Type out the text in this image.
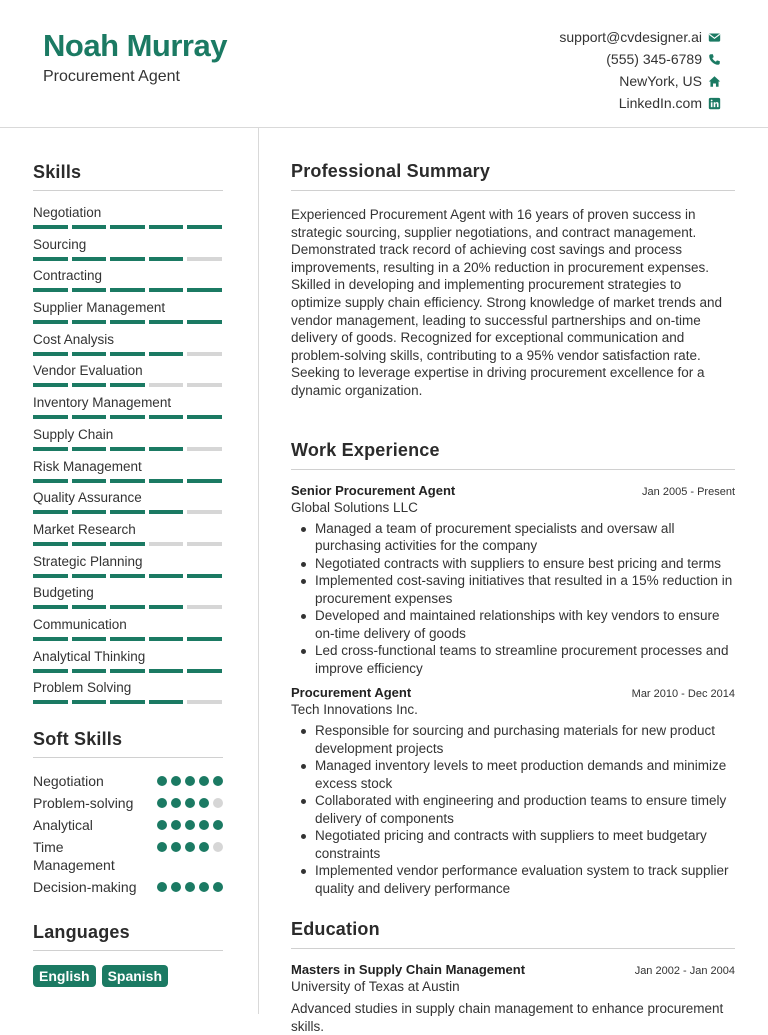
Noah Murray
Procurement Agent
support@cvdesigner.ai
(555) 345-6789
NewYork, US
LinkedIn.com
Skills
Negotiation
Sourcing
Contracting
Supplier Management
Cost Analysis
Vendor Evaluation
Inventory Management
Supply Chain
Risk Management
Quality Assurance
Market Research
Strategic Planning
Budgeting
Communication
Analytical Thinking
Problem Solving
Soft Skills
Negotiation
Problem-solving
Analytical
Time Management
Decision-making
Languages
English	Spanish
Professional Summary
Experienced Procurement Agent with 16 years of proven success in strategic sourcing, supplier negotiations, and contract management. Demonstrated track record of achieving cost savings and process improvements, resulting in a 20% reduction in procurement expenses. Skilled in developing and implementing procurement strategies to optimize supply chain efficiency. Strong knowledge of market trends and vendor management, leading to successful partnerships and on-time delivery of goods. Recognized for exceptional communication and problem-solving skills, contributing to a 95% vendor satisfaction rate. Seeking to leverage expertise in driving procurement excellence for a dynamic organization.
Work Experience
Senior Procurement Agent	Jan 2005 - Present
Global Solutions LLC
Managed a team of procurement specialists and oversaw all purchasing activities for the company
Negotiated contracts with suppliers to ensure best pricing and terms
Implemented cost-saving initiatives that resulted in a 15% reduction in procurement expenses
Developed and maintained relationships with key vendors to ensure on-time delivery of goods
Led cross-functional teams to streamline procurement processes and improve efficiency
Procurement Agent	Mar 2010 - Dec 2014
Tech Innovations Inc.
Responsible for sourcing and purchasing materials for new product development projects
Managed inventory levels to meet production demands and minimize excess stock
Collaborated with engineering and production teams to ensure timely delivery of components
Negotiated pricing and contracts with suppliers to meet budgetary constraints
Implemented vendor performance evaluation system to track supplier quality and delivery performance
Education
Masters in Supply Chain Management	Jan 2002 - Jan 2004
University of Texas at Austin
Advanced studies in supply chain management to enhance procurement skills.
